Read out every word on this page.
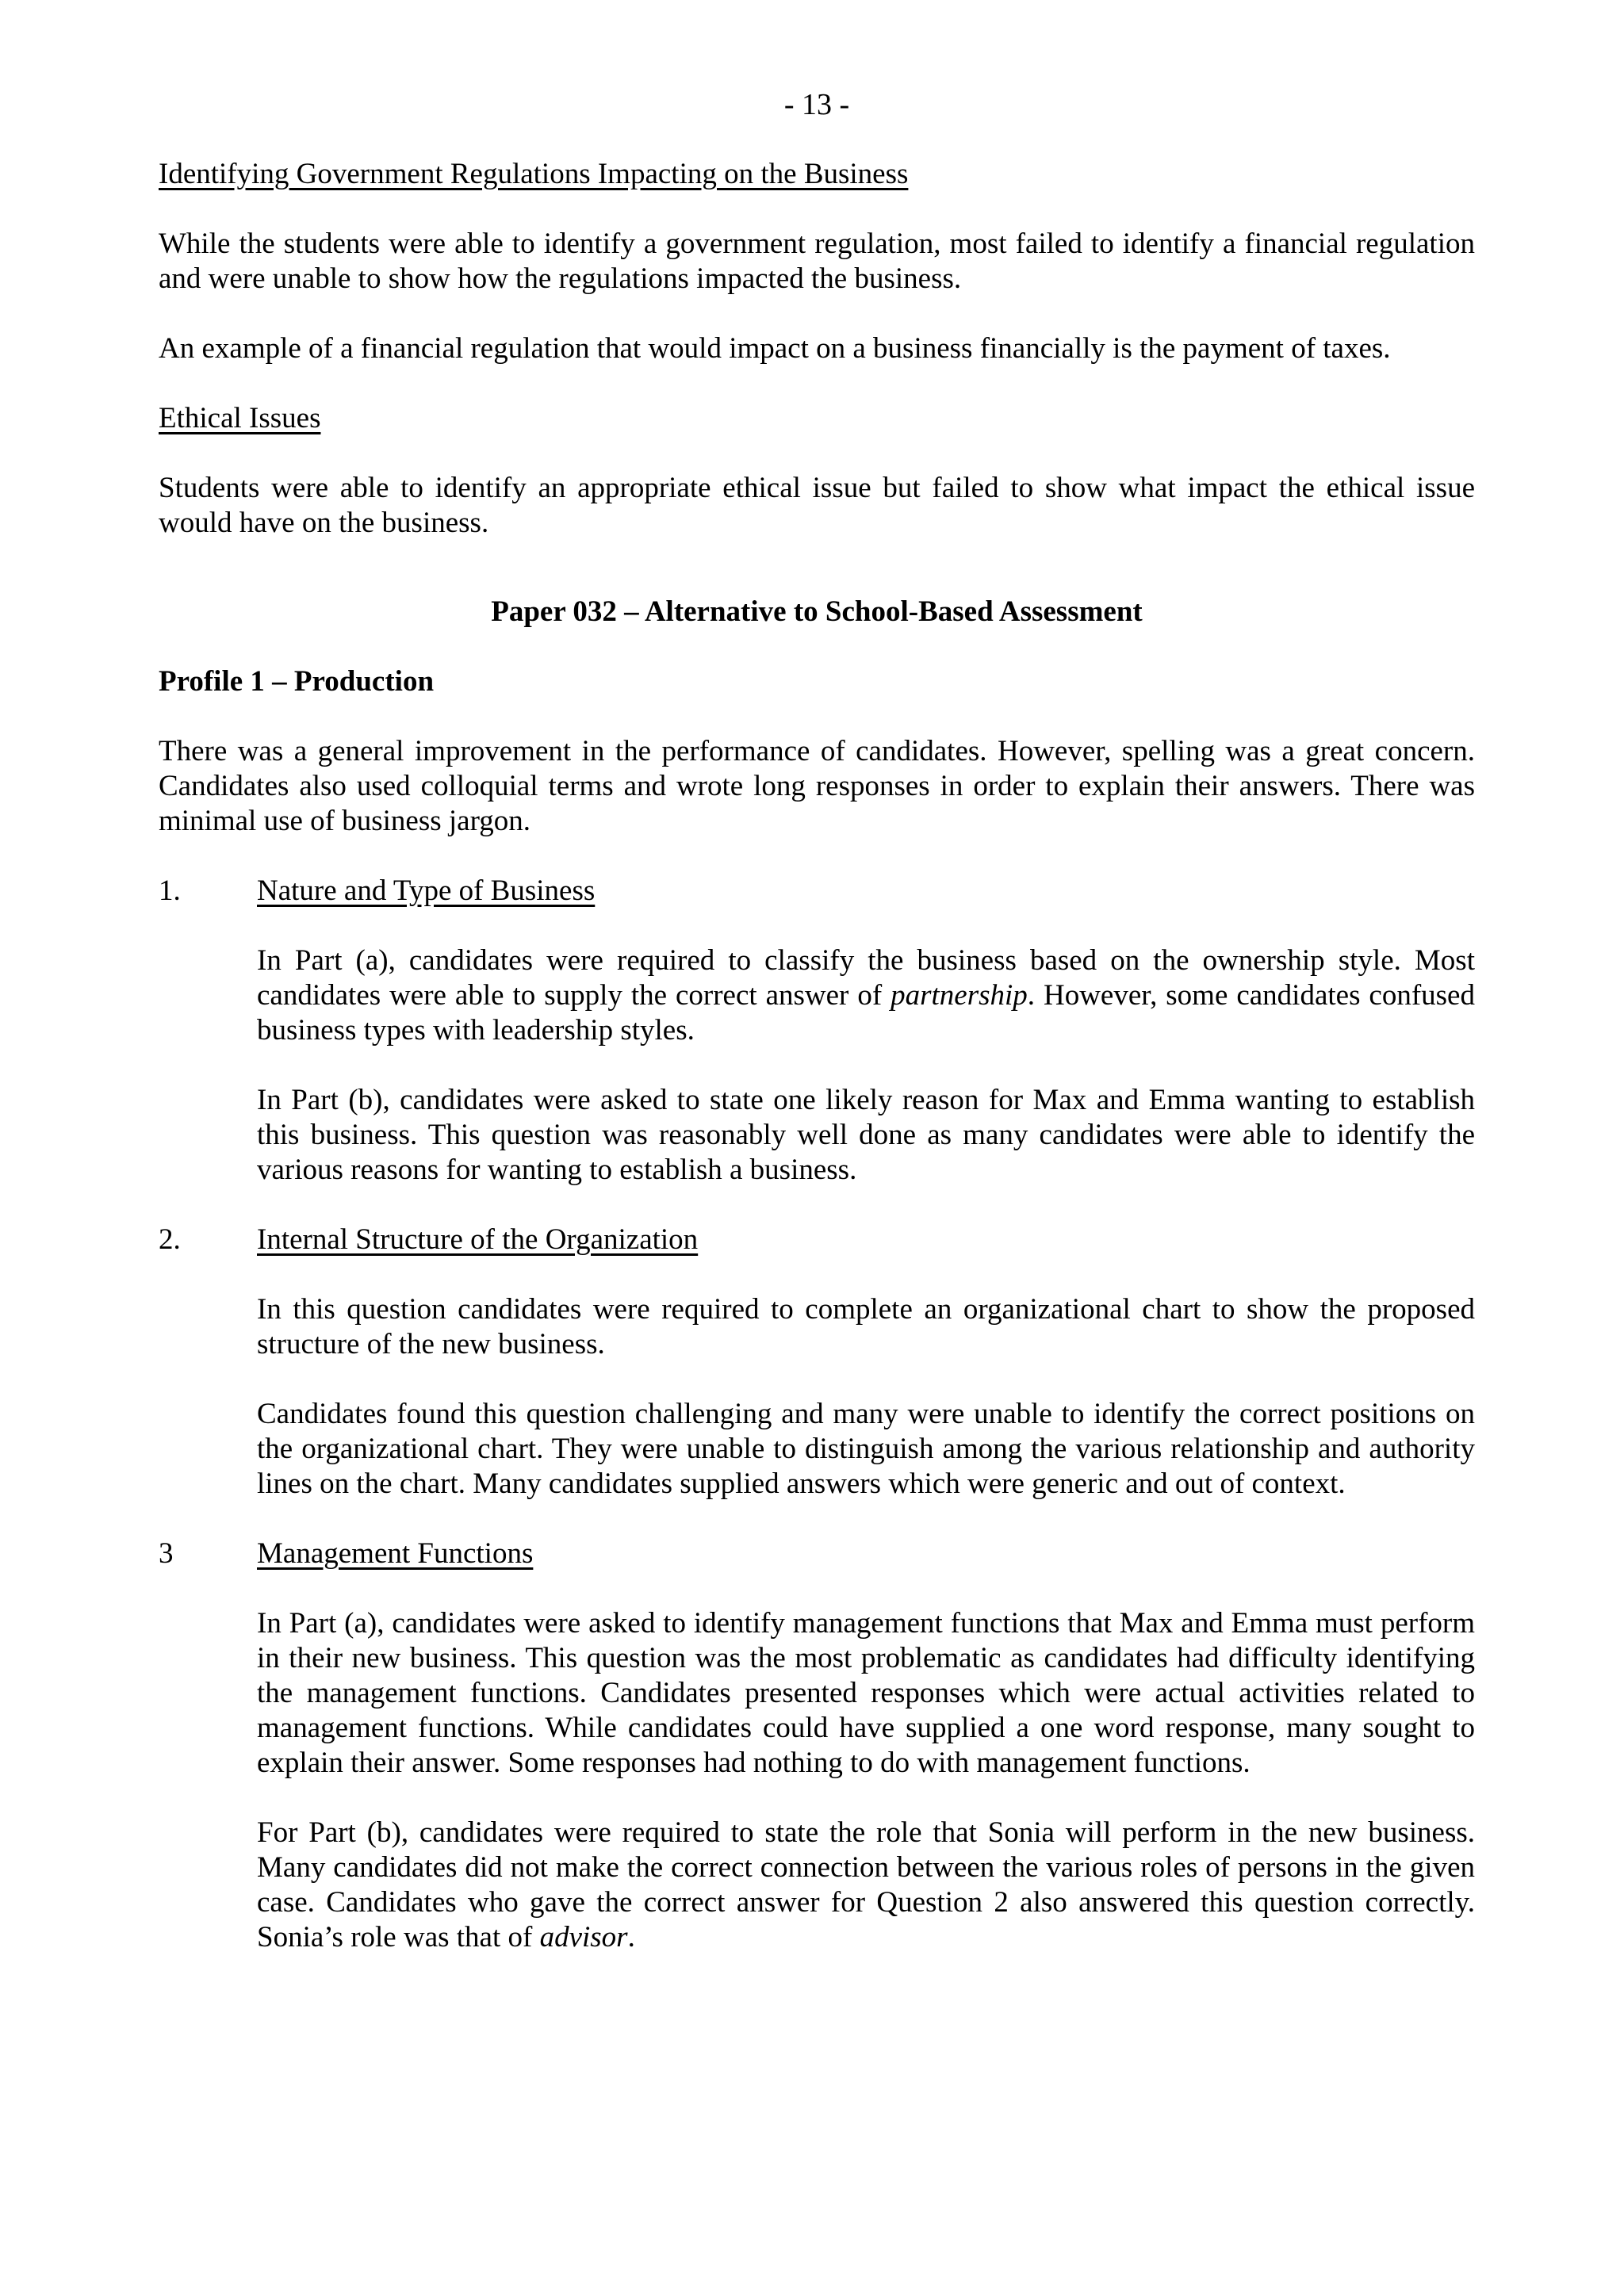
- 13 -
Identifying Government Regulations Impacting on the Business

While the students were able to identify a government regulation, most failed to identify a financial regulation and were unable to show how the regulations impacted the business.

An example of a financial regulation that would impact on a business financially is the payment of taxes.

Ethical Issues

Students were able to identify an appropriate ethical issue but failed to show what impact the ethical issue would have on the business.

Paper 032 – Alternative to School-Based Assessment
Profile 1 – Production

There was a general improvement in the performance of candidates. However, spelling was a great concern. Candidates also used colloquial terms and wrote long responses in order to explain their answers. There was minimal use of business jargon.

1.	Nature and Type of Business

In Part (a), candidates were required to classify the business based on the ownership style. Most candidates were able to supply the correct answer of partnership. However, some candidates confused business types with leadership styles.

In Part (b), candidates were asked to state one likely reason for Max and Emma wanting to establish this business. This question was reasonably well done as many candidates were able to identify the various reasons for wanting to establish a business.

2.	Internal Structure of the Organization

In this question candidates were required to complete an organizational chart to show the proposed structure of the new business.

Candidates found this question challenging and many were unable to identify the correct positions on the organizational chart. They were unable to distinguish among the various relationship and authority lines on the chart. Many candidates supplied answers which were generic and out of context.

3	Management Functions

In Part (a), candidates were asked to identify management functions that Max and Emma must perform in their new business. This question was the most problematic as candidates had difficulty identifying the management functions. Candidates presented responses which were actual activities related to management functions. While candidates could have supplied a one word response, many sought to explain their answer. Some responses had nothing to do with management functions.

For Part (b), candidates were required to state the role that Sonia will perform in the new business. Many candidates did not make the correct connection between the various roles of persons in the given case. Candidates who gave the correct answer for Question 2 also answered this question correctly. Sonia’s role was that of advisor.
